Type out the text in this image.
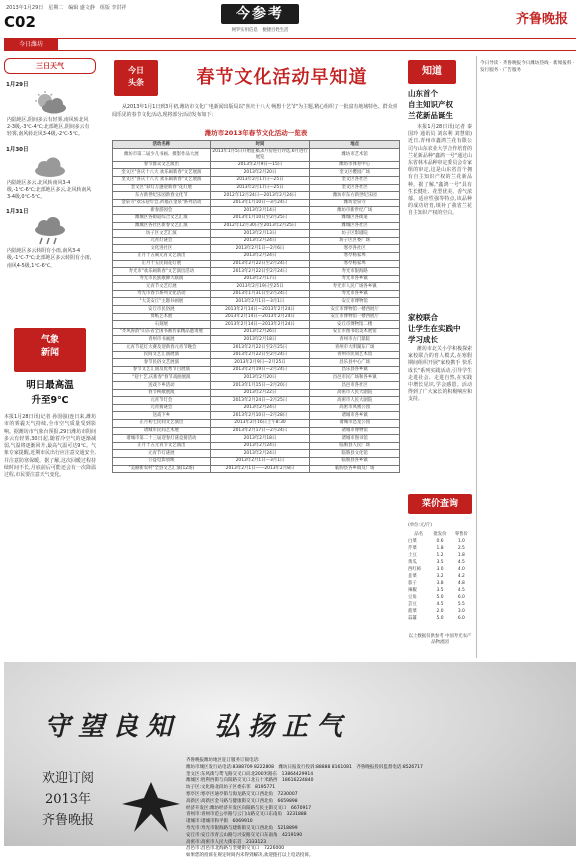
2013年1月29日　星期二　编辑 盛文静　组版 李洪祥
C02	今参考
网罗实用信息　便捷百姓生活
齐鲁晚报
今日潍坊
三日天气
1月29日
内陆地区,阴间多云有轻雾,南风转北风2-3级,-3℃-4℃;北部地区,阴间多云有轻雾,南风转北风3-4级,-2℃-5℃。
1月30日
内陆地区多云,北风转南风3-4级,-1℃-6℃;北部地区多云,北风转南风3-4级,0℃-5℃。
1月31日
内陆地区多云转阴有小雨,南风3-4级,-1℃-7℃;北部地区多云转阴有小雨,南风4-5级,1℃-6℃。
气象
新闻
明日最高温
升至9℃
本报1月28日讯(记者 孙国强)连日来,潍坊市的雾霾天气持续,全市空气质量受到影响。据潍坊市气象台预报,29日潍坊市阴间多云有轻雾,30日起,随着冷空气的逐渐减弱,气温将逐渐回升,最高气温可达9℃。气象专家提醒,近期市民出行应注意交通安全,并注意防寒保暖。据了解,这次回暖过程持续时间不长,月底前后可能还会有一次降温过程,市民要注意天气变化。
今日
头条	春节文化活动早知道
从2013年1月1日到3月初,潍坊市文化广电新闻出版局以"喜庆十八大 畅想十艺节"为主题,精心组织了一批富有地域特色、群众喜闻乐见的春节文化活动,现将部分活动发布如下:
潍坊市2013年春节文化活动一览表
活动名称	时间	地点
潍坊市第二届少儿书画、摄影作品大展	2013年1月5日开始征稿,4月份进行评选,6月进行展览	潍坊市艺术馆
春节群众文艺演出	2013年2月9日—15日	潍坊市体育中心
奎文区"喜庆十八大 欢乐闹新春"文艺展演	2013年2月20日	奎文区樱园广场
奎文区"喜庆十八大 欢乐闹新春"文艺展演	2013年2月17日—25日	奎文区各社区
奎文区"彩灯万盏迎新春"花灯展	2013年2月17日—25日	奎文区各社区
东方新世纪乐园新春文化节	2012年12月24日—2013年2月24日	潍坊市东方新世纪乐园
金泉寺"欢乐迎年会,祈福在金泉"系列活动	2013年1月10日—3月24日	潍坊金泉寺
新春游园会	2013年2月14日	潍坊市新世纪广场
潍城区各街道综合文艺汇演	2013年1月10日至2月25日	潍城区各街道
潍城区各社区新春文艺汇演	2012年12月30日至2013年2月25日	潍城区各社区
坊子区文艺汇演	2013年2月13日	坊子区影剧院
元宵灯谜会	2013年2月24日	坊子区区委广场
文化进社区	2013年2月1日—2月6日	寒亭各社区
正月十五闹元宵文艺演出	2013年2月24日	寒亭杨家埠
正月十五民间花灯展	2013年2月22日至2月24日	寒亭杨家埠
寿光市"欢乐闹新春"文艺演出活动	2013年2月22日至2月24日	寿光市银海路
寿光市民族歌舞大联演	2013年2月17日	寿光市各乡镇
元宵节文艺灯展	2013年2月19日至25日	寿光市人民广场各乡镇
寿光市春节系列文化活动	2013年1月31日至2月24日	寿光市各乡镇
"大美安丘"主题书画展	2013年2月1日—3月1日	安丘市博物馆
安丘市民俗展	2013年2月14日—2013年2月24日	安丘市博物馆一楼西展厅
剪纸艺术展	2013年2月14日—2013年2月24日	安丘市博物馆一楼西展厅
石刻展	2013年2月14日—2013年2月24日	安丘市博物馆二楼
"齐风鲁韵"山东省全国书画名家精品邀请展	2013年2月26日	安丘市图书馆美术展馆
青州市书画展	2013年2月18日	青州市古门鼎院
元宵节花灯大赛及迎新春元宵节晚会	2013年2月22日至2月25日	青州市大明湖东广场
民间文艺汇演展演	2013年2月22日至2月24日	青州市民间艺术馆
春节民俗文艺展演	2013年2月9日—2月25日	昌乐县中心广场
春节文艺汇演及优秀节目展演	2013年2月19日—2月24日	昌乐县各乡镇
"迎十艺,庆新春"春节戏曲展演	2013年2月20日	昌邑市民广场和各乡镇
送戏下乡活动	2013年1月15日—2月20日	昌邑市各社区
春节秧歌展演	2013年2月22日	高密市人民大剧院
元宵节灯会	2013年2月24日—2月25日	高密市人民大剧院
元宵猜谜会	2013年2月24日	高密市凤凰公园
送戏下乡	2013年2月10日—2月28日	诸城市各乡镇
正月初七民间文艺演出	2013年2月16日上午8:30	诸城市恐龙公园
诸城市民间艺术展	2013年2月17日—2月24日	诸城市博物馆
诸城市第二十三届迎春灯谜竞猜活动	2013年2月18日	诸城市图书馆
正月十五元宵节文艺演出	2013年2月24日	临朐县人民广场
元宵节灯谜展	2013年2月24日	临朐县文化馆
公益电影放映	2013年2月1日—3月1日	临朐县各乡镇
"美丽新农村"全县文艺汇演(12场)	2013年2月1日——2013年2月8日	临朐县各乡镇及广场
知道
山东首个
自主知识产权
兰花新品诞生
本报1月28日讯(记者 秦国玲 通讯员 刘东利 刘慧娟)近日,青州市鑫鸿兰花有限公司与山东农业大学合作培育的兰花新品种"鑫鸿一号"通过山东省林木品种审定委员会专家组的审定,这是山东省首个拥有自主知识产权的兰花新品种。据了解,"鑫鸿一号"具有生长健壮、花型优美、香气浓郁、适应性强等特点,该品种的成功培育,填补了我省兰花自主知识产权的空白。
家校联合
让学生在实践中
学习成长
潍坊市北关小学积极探索家校联合的育人模式,在寒假期间组织开展"家校携手 快乐成长"系列实践活动,引导学生走进社会、走进自然,在实践中增长见识,学会感恩。活动得到了广大家长的积极响应和支持。
菜价查询
(单位:元/斤)
品名	批发价	零售价
白菜	0.6	1.0
芹菜	1.8	2.5
土豆	1.2	1.8
黄瓜	3.5	4.5
西红柿	3.0	4.0
韭菜	3.2	4.2
茄子	3.8	4.8
辣椒	3.5	4.5
豆角	5.0	6.0
芸豆	4.5	5.5
菠菜	2.0	3.0
蒜薹	5.0	6.0
以上数据仅供参考 中国寿光农产品物流园
今日导读 · 齐鲁晚报今日潍坊热线 · 新闻报料 · 发行服务 · 广告服务
守望良知　弘扬正气
欢迎订阅
2013年
齐鲁晚报
齐鲁晚报潍坊地区征订服务订阅电话:
潍坊市城区发行站电话:8388709 8222808　潍坊日报发行投诉:88888 8161081　齐鲁晚报投诉监督电话:8526717
奎文区:东风街与鸢飞路交叉口向北200米路东　13864429914
潍城区:胜利西街与向阳路交叉口北五十米路西　18616224840
坊子区:文化路北段坊子区委东邻　8195771
寒亭区:寒亭区通亭街与海龙路交叉口西北角　7230007
高新区:高新区金马路与健康街交叉口西北角　6659898
经济开发区:潍坊经济开发区向阳路与民主街交叉口　6670917
青州市:青州市范公亭路与云门山路交叉口东南角　3231888
诸城市:诸城市和平街　6069910
寿光市:寿光市银海路与建新街交叉口西北角　5218899
安丘市:安丘市青云山路与兴安路交叉口东南角　4219190
高密市:高密市人民大街东首　2333123
昌邑市:昌邑市北海路与奎聚街交叉口　7226000
如果您的投诉在规定时间内未得到解决,欢迎拨打以上电话投诉。
